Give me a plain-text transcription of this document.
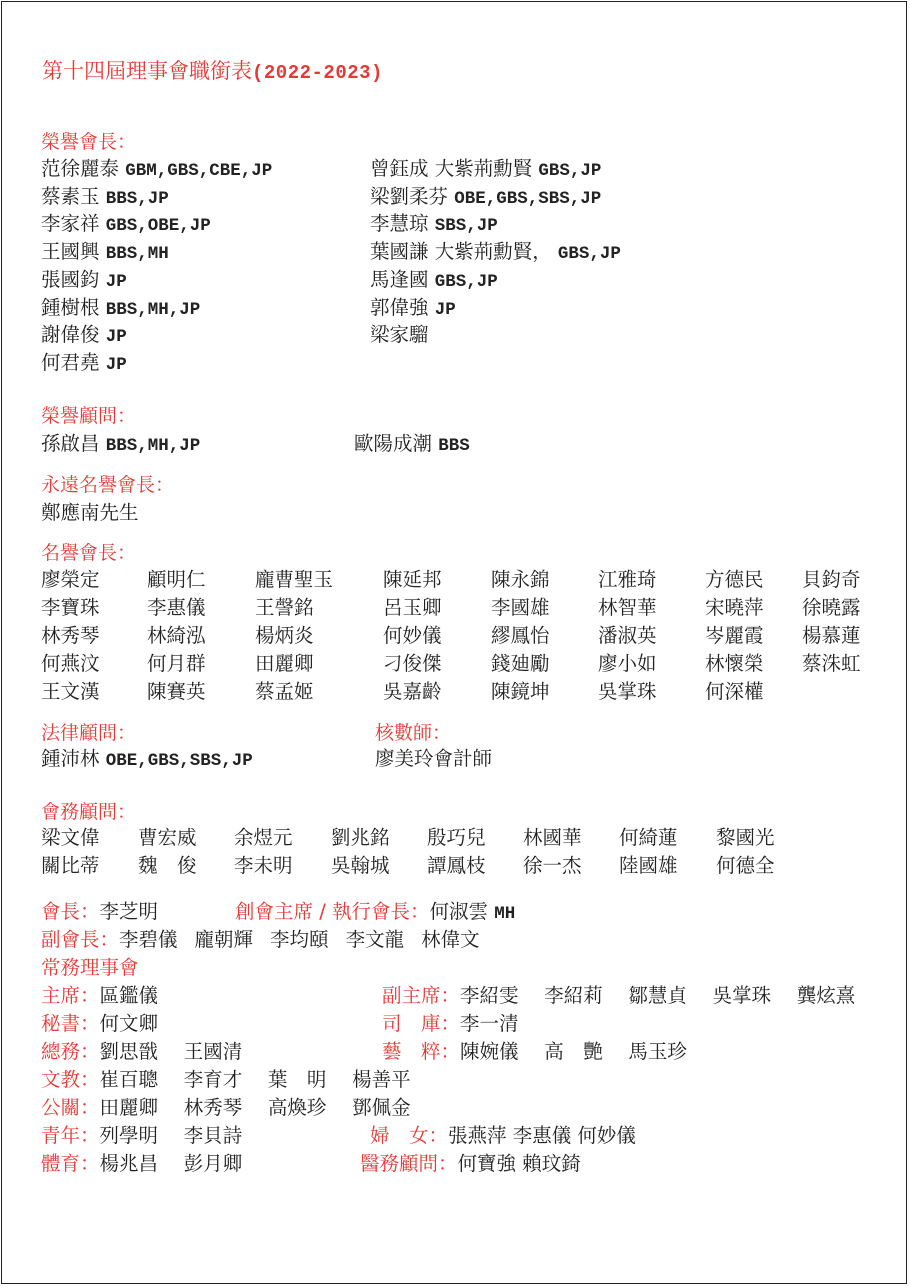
第十四屆理事會職銜表(2022-2023)
榮譽會長：
范徐麗泰 GBM,GBS,CBE,JP	曾鈺成 大紫荊勳賢 GBS,JP
蔡素玉 BBS,JP	梁劉柔芬 OBE,GBS,SBS,JP
李家祥 GBS,OBE,JP	李慧琼 SBS,JP
王國興 BBS,MH	葉國謙 大紫荊勳賢， GBS,JP
張國鈞 JP	馬逢國 GBS,JP
鍾樹根 BBS,MH,JP	郭偉強 JP
謝偉俊 JP	梁家騮
何君堯 JP
榮譽顧問：
孫啟昌 BBS,MH,JP	歐陽成潮 BBS
永遠名譽會長：
鄭應南先生
名譽會長：
廖榮定 顧明仁	龐曹聖玉	陳延邦	陳永錦 江雅琦 方德民 貝鈞奇
李寶珠 李惠儀	王謦銘	呂玉卿	李國雄 林智華 宋曉萍 徐曉露
林秀琴 林綺泓	楊炳炎	何妙儀	繆鳳怡 潘淑英 岑麗霞 楊慕蓮
何燕汶 何月群	田麗卿	刁俊傑	錢廸勵 廖小如 林懷榮 蔡洙虹
王文漢 陳賽英	蔡孟姬	吳嘉齡	陳鏡坤 吳掌珠 何深權
法律顧問：	核數師：
鍾沛林 OBE,GBS,SBS,JP	廖美玲會計師
會務顧問：
梁文偉 曹宏威 余煜元 劉兆銘 殷巧兒 林國華 何綺蓮 黎國光
關比蒂 魏　俊 李未明 吳翰城 譚鳳枝 徐一杰 陸國雄 何德全
會長：李芝明	創會主席 / 執行會長：何淑雲 MH
副會長：李碧儀 龐朝輝 李均頤 李文龍 林偉文
常務理事會
主席：區鑑儀	副主席：李紹雯　 李紹莉　 鄒慧貞　 吳掌珠　 龔炫熹
秘書：何文卿	司　庫：李一清
總務：劉思戩　 王國清	藝　粹：陳婉儀　 高　艷　 馬玉珍
文教：崔百聰　 李育才　 葉　明　 楊善平
公關：田麗卿　 林秀琴　 高煥珍　 鄧佩金
青年：列學明　 李貝詩	婦　女：張燕萍 李惠儀 何妙儀
體育：楊兆昌　 彭月卿	醫務顧問：何寶強 賴玟錡
